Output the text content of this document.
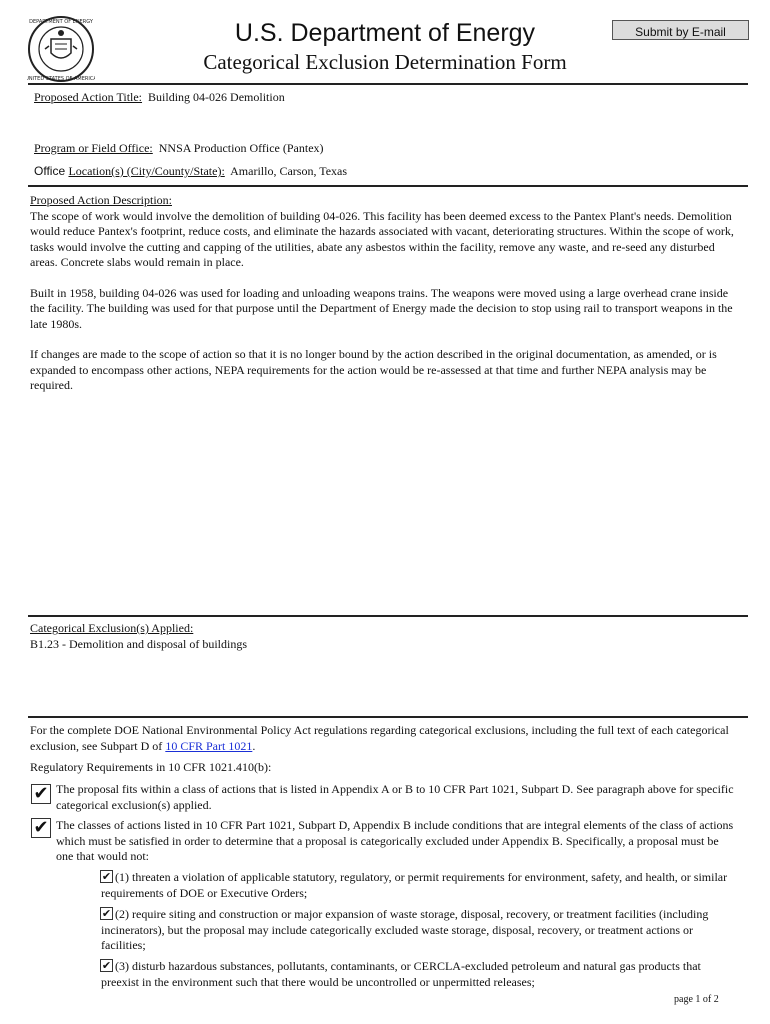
DEPARTMENT OF ENERGY
UNITED STATES OF AMERICA
U.S. Department of Energy
Categorical Exclusion Determination Form
Submit by E-mail
Proposed Action Title: Building 04-026 Demolition
Program or Field Office: NNSA Production Office (Pantex)
Office Location(s) (City/County/State): Amarillo, Carson, Texas

Proposed Action Description:

The scope of work would involve the demolition of building 04-026. This facility has been deemed excess to the Pantex Plant's needs. Demolition would reduce Pantex's footprint, reduce costs, and eliminate the hazards associated with vacant, deteriorating structures. Within the scope of work, tasks would involve the cutting and capping of the utilities, abate any asbestos within the facility, remove any waste, and re-seed any disturbed areas. Concrete slabs would remain in place.

Built in 1958, building 04-026 was used for loading and unloading weapons trains. The weapons were moved using a large overhead crane inside the facility. The building was used for that purpose until the Department of Energy made the decision to stop using rail to transport weapons in the late 1980s.

If changes are made to the scope of action so that it is no longer bound by the action described in the original documentation, as amended, or is expanded to encompass other actions, NEPA requirements for the action would be re-assessed at that time and further NEPA analysis may be required.

Categorical Exclusion(s) Applied:

B1.23 - Demolition and disposal of buildings

For the complete DOE National Environmental Policy Act regulations regarding categorical exclusions, including the full text of each categorical exclusion, see Subpart D of 10 CFR Part 1021.

Regulatory Requirements in 10 CFR 1021.410(b):
✔ The proposal fits within a class of actions that is listed in Appendix A or B to 10 CFR Part 1021, Subpart D. See paragraph above for specific categorical exclusion(s) applied.
✔ The classes of actions listed in 10 CFR Part 1021, Subpart D, Appendix B include conditions that are integral elements of the class of actions which must be satisfied in order to determine that a proposal is categorically excluded under Appendix B. Specifically, a proposal must be one that would not:
✔ (1) threaten a violation of applicable statutory, regulatory, or permit requirements for environment, safety, and health, or similar requirements of DOE or Executive Orders;
✔ (2) require siting and construction or major expansion of waste storage, disposal, recovery, or treatment facilities (including incinerators), but the proposal may include categorically excluded waste storage, disposal, recovery, or treatment actions or facilities;
✔ (3) disturb hazardous substances, pollutants, contaminants, or CERCLA-excluded petroleum and natural gas products that preexist in the environment such that there would be uncontrolled or unpermitted releases;
page 1 of 2
